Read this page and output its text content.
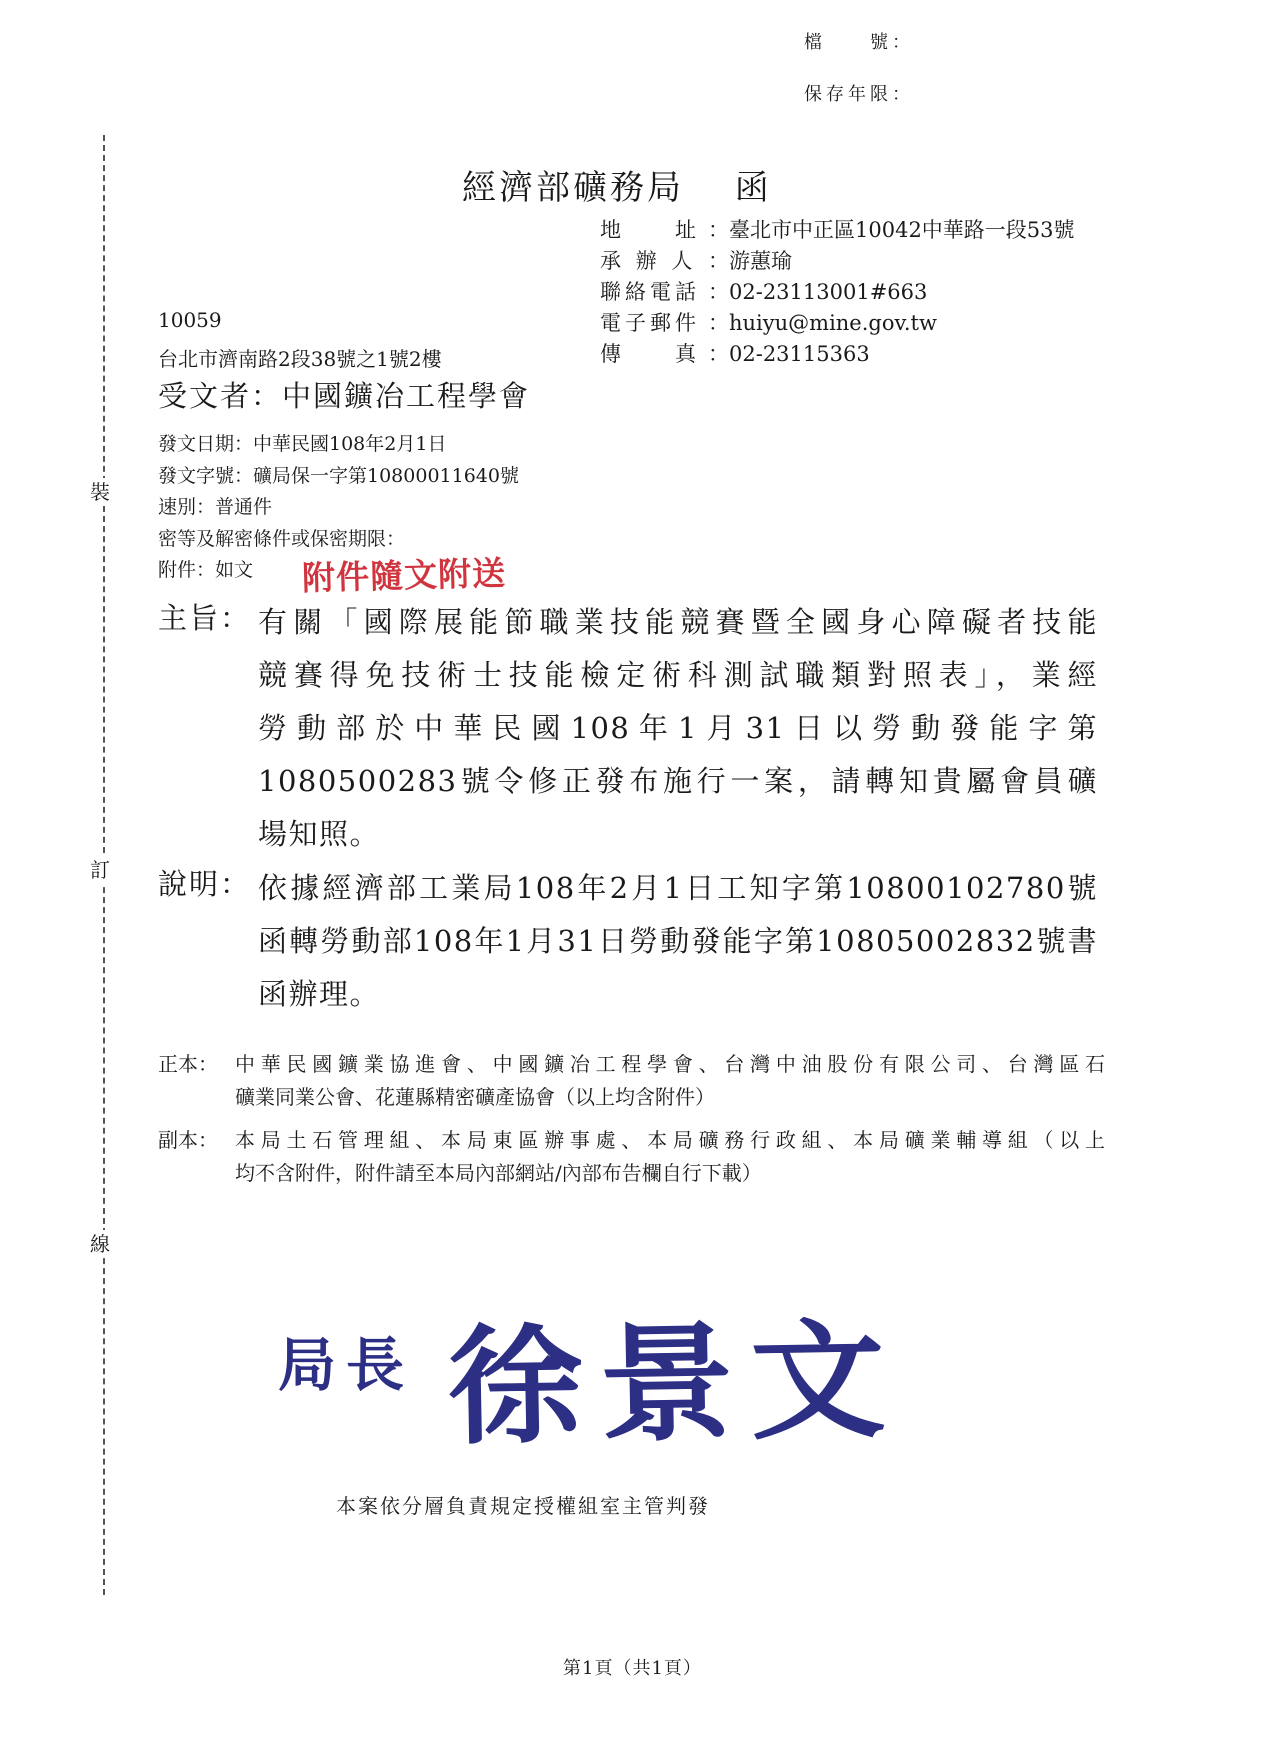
裝
訂
線
檔　　號：
保存年限：
經濟部礦務局　 函
地　　址 ：臺北市中正區10042中華路一段53號
承 辦 人 ：游蕙瑜
聯絡電話 ：02-23113001#663
電子郵件 ：huiyu@mine.gov.tw
傳　　真 ：02-23115363
10059
台北市濟南路2段38號之1號2樓
受文者：中國鑛冶工程學會
發文日期：中華民國108年2月1日
發文字號：礦局保一字第10800011640號
速別：普通件
密等及解密條件或保密期限：
附件：如文	附件隨文附送
主旨： 有關「國際展能節職業技能競賽暨全國身心障礙者技能
競賽得免技術士技能檢定術科測試職類對照表」，業經
勞動部於中華民國108年1月31日以勞動發能字第
1080500283號令修正發布施行一案，請轉知貴屬會員礦
場知照。
說明： 依據經濟部工業局108年2月1日工知字第10800102780號
函轉勞動部108年1月31日勞動發能字第10805002832號書
函辦理。
正本： 中華民國鑛業協進會、中國鑛冶工程學會、台灣中油股份有限公司、台灣區石
礦業同業公會、花蓮縣精密礦產協會（以上均含附件）
副本： 本局土石管理組、本局東區辦事處、本局礦務行政組、本局礦業輔導組（以上
均不含附件，附件請至本局內部網站/內部布告欄自行下載）
局長 徐景文
本案依分層負責規定授權組室主管判發
第1頁（共1頁）
